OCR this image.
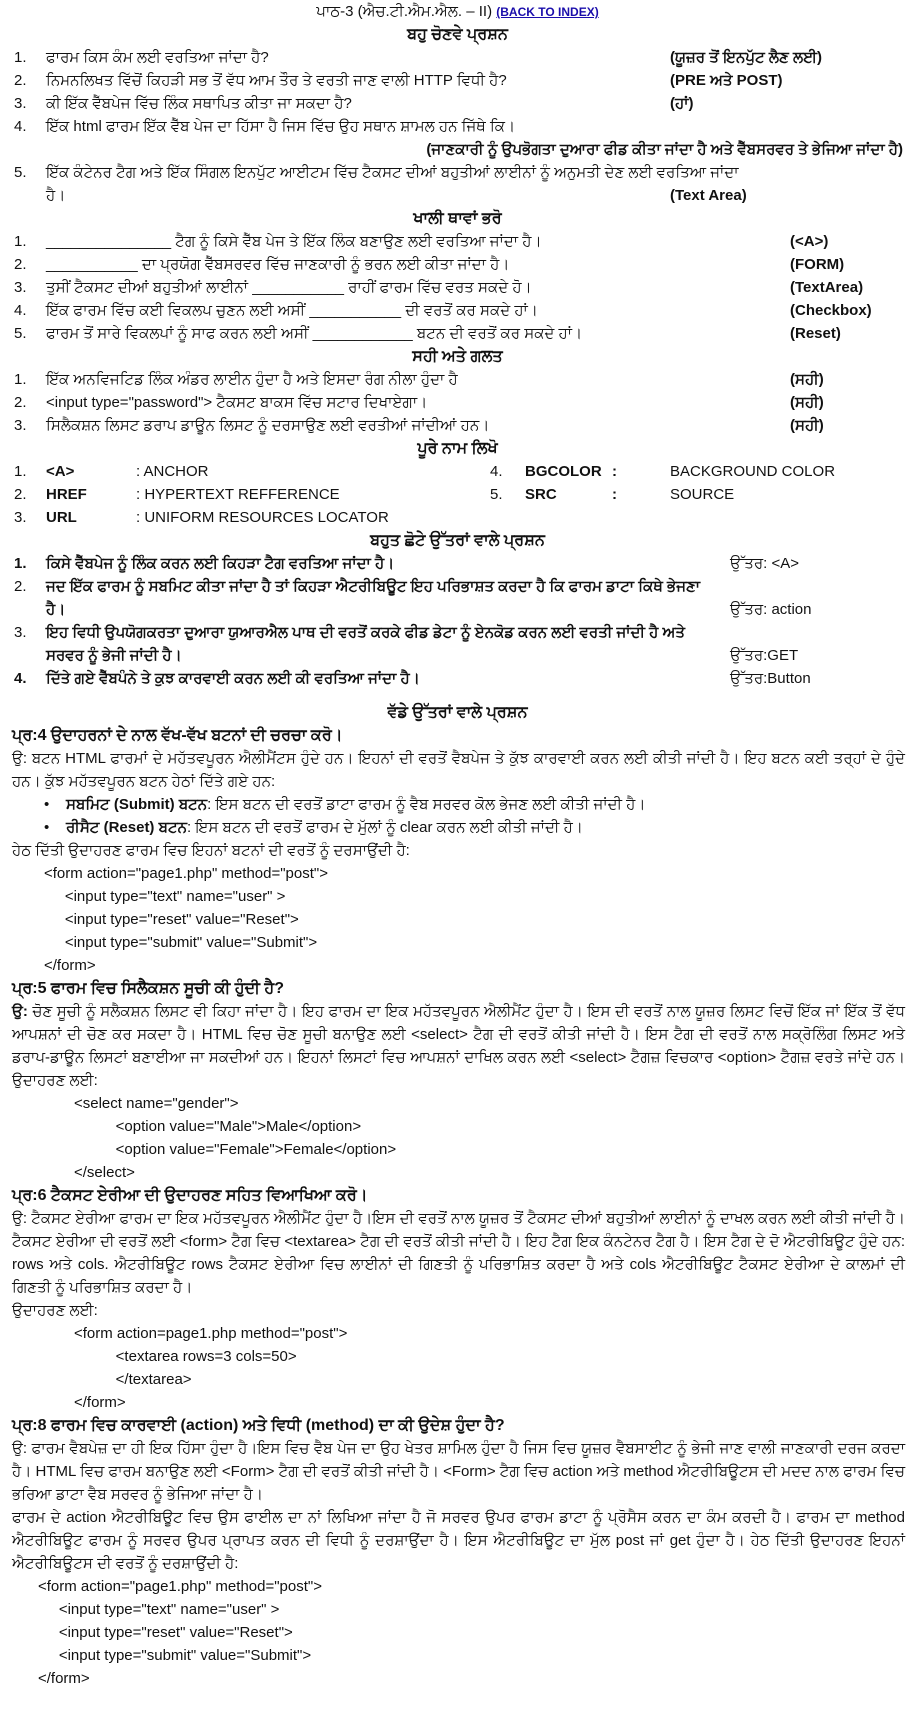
ਪਾਠ-3 (ਐਚ.ਟੀ.ਐਮ.ਐਲ. – II) (BACK TO INDEX)
ਬਹੁ ਚੋਣਵੇ ਪ੍ਰਸ਼ਨ
1. ਫਾਰਮ ਕਿਸ ਕੰਮ ਲਈ ਵਰਤਿਆ ਜਾਂਦਾ ਹੈ?	(ਯੂਜ਼ਰ ਤੋਂ ਇਨਪੁੱਟ ਲੈਣ ਲਈ)
2. ਨਿਮਨਲਿਖਤ ਵਿੱਚੋਂ ਕਿਹੜੀ ਸਭ ਤੋਂ ਵੱਧ ਆਮ ਤੌਰ ਤੇ ਵਰਤੀ ਜਾਣ ਵਾਲੀ HTTP ਵਿਧੀ ਹੈ?	(PRE ਅਤੇ POST)
3. ਕੀ ਇੱਕ ਵੈੱਬਪੇਜ ਵਿੱਚ ਲਿੰਕ ਸਥਾਪਿਤ ਕੀਤਾ ਜਾ ਸਕਦਾ ਹੈ?	(ਹਾਂ)
4. ਇੱਕ html ਫਾਰਮ ਇੱਕ ਵੈੱਬ ਪੇਜ ਦਾ ਹਿੱਸਾ ਹੈ ਜਿਸ ਵਿੱਚ ਉਹ ਸਥਾਨ ਸ਼ਾਮਲ ਹਨ ਜਿੱਥੇ ਕਿ।
(ਜਾਣਕਾਰੀ ਨੂੰ ਉਪਭੋਗਤਾ ਦੁਆਰਾ ਫੀਡ ਕੀਤਾ ਜਾਂਦਾ ਹੈ ਅਤੇ ਵੈੱਬਸਰਵਰ ਤੇ ਭੇਜਿਆ ਜਾਂਦਾ ਹੈ)
5. ਇੱਕ ਕੰਟੇਨਰ ਟੈਗ ਅਤੇ ਇੱਕ ਸਿੰਗਲ ਇਨਪੁੱਟ ਆਈਟਮ ਵਿੱਚ ਟੈਕਸਟ ਦੀਆਂ ਬਹੁਤੀਆਂ ਲਾਈਨਾਂ ਨੂੰ ਅਨੁਮਤੀ ਦੇਣ ਲਈ ਵਰਤਿਆ ਜਾਂਦਾ
ਹੈ।	(Text Area)
ਖਾਲੀ ਥਾਵਾਂ ਭਰੋ
1. _______________ ਟੈਗ ਨੂੰ ਕਿਸੇ ਵੈੱਬ ਪੇਜ ਤੇ ਇੱਕ ਲਿੰਕ ਬਣਾਉਣ ਲਈ ਵਰਤਿਆ ਜਾਂਦਾ ਹੈ।	(<A>)
2. ___________ ਦਾ ਪ੍ਰਯੋਗ ਵੈੱਬਸਰਵਰ ਵਿੱਚ ਜਾਣਕਾਰੀ ਨੂੰ ਭਰਨ ਲਈ ਕੀਤਾ ਜਾਂਦਾ ਹੈ।	(FORM)
3. ਤੁਸੀਂ ਟੈਕਸਟ ਦੀਆਂ ਬਹੁਤੀਆਂ ਲਾਈਨਾਂ ___________ ਰਾਹੀਂ ਫਾਰਮ ਵਿੱਚ ਵਰਤ ਸਕਦੇ ਹੋ।	(TextArea)
4. ਇੱਕ ਫਾਰਮ ਵਿੱਚ ਕਈ ਵਿਕਲਪ ਚੁਣਨ ਲਈ ਅਸੀਂ ___________ ਦੀ ਵਰਤੋਂ ਕਰ ਸਕਦੇ ਹਾਂ।	(Checkbox)
5. ਫਾਰਮ ਤੋਂ ਸਾਰੇ ਵਿਕਲਪਾਂ ਨੂੰ ਸਾਫ ਕਰਨ ਲਈ ਅਸੀਂ ____________ ਬਟਨ ਦੀ ਵਰਤੋਂ ਕਰ ਸਕਦੇ ਹਾਂ।	(Reset)
ਸਹੀ ਅਤੇ ਗਲਤ
1. ਇੱਕ ਅਨਵਿਜਟਿਡ ਲਿੰਕ ਅੰਡਰ ਲਾਈਨ ਹੁੰਦਾ ਹੈ ਅਤੇ ਇਸਦਾ ਰੰਗ ਨੀਲਾ ਹੁੰਦਾ ਹੈ	(ਸਹੀ)
2. <input type="password"> ਟੈਕਸਟ ਬਾਕਸ ਵਿੱਚ ਸਟਾਰ ਦਿਖਾਏਗਾ।	(ਸਹੀ)
3. ਸਿਲੈਕਸ਼ਨ ਲਿਸਟ ਡਰਾਪ ਡਾਊਨ ਲਿਸਟ ਨੂੰ ਦਰਸਾਉਣ ਲਈ ਵਰਤੀਆਂ ਜਾਂਦੀਆਂ ਹਨ।	(ਸਹੀ)
ਪੂਰੇ ਨਾਮ ਲਿਖੋ
1. <A>	: ANCHOR	4. BGCOLOR :	BACKGROUND COLOR
2. HREF	: HYPERTEXT REFFERENCE	5. SRC	:	SOURCE
3. URL	: UNIFORM RESOURCES LOCATOR
ਬਹੁਤ ਛੋਟੇ ਉੱਤਰਾਂ ਵਾਲੇ ਪ੍ਰਸ਼ਨ
1. ਕਿਸੇ ਵੈੱਬਪੇਜ ਨੂੰ ਲਿੰਕ ਕਰਨ ਲਈ ਕਿਹੜਾ ਟੈਗ ਵਰਤਿਆ ਜਾਂਦਾ ਹੈ।	ਉੱਤਰ: <A>
2. ਜਦ ਇੱਕ ਫਾਰਮ ਨੂੰ ਸਬਮਿਟ ਕੀਤਾ ਜਾਂਦਾ ਹੈ ਤਾਂ ਕਿਹੜਾ ਐਟਰੀਬਿਊਟ ਇਹ ਪਰਿਭਾਸ਼ਤ ਕਰਦਾ ਹੈ ਕਿ ਫਾਰਮ ਡਾਟਾ ਕਿਥੇ ਭੇਜਣਾ
ਹੈ।	ਉੱਤਰ: action
3. ਇਹ ਵਿਧੀ ਉਪਯੋਗਕਰਤਾ ਦੁਆਰਾ ਯੁਆਰਐਲ ਪਾਥ ਦੀ ਵਰਤੋਂ ਕਰਕੇ ਫੀਡ ਡੇਟਾ ਨੂੰ ਏਨਕੋਡ ਕਰਨ ਲਈ ਵਰਤੀ ਜਾਂਦੀ ਹੈ ਅਤੇ
ਸਰਵਰ ਨੂੰ ਭੇਜੀ ਜਾਂਦੀ ਹੈ।	ਉੱਤਰ:GET
4. ਦਿੱਤੇ ਗਏ ਵੈੱਬਪੰਨੇ ਤੇ ਕੁਝ ਕਾਰਵਾਈ ਕਰਨ ਲਈ ਕੀ ਵਰਤਿਆ ਜਾਂਦਾ ਹੈ।	ਉੱਤਰ:Button
ਵੱਡੇ ਉੱਤਰਾਂ ਵਾਲੇ ਪ੍ਰਸ਼ਨ
ਪ੍ਰ:4 ਉਦਾਹਰਨਾਂ ਦੇ ਨਾਲ ਵੱਖ-ਵੱਖ ਬਟਨਾਂ ਦੀ ਚਰਚਾ ਕਰੋ।
ਉ: ਬਟਨ HTML ਫਾਰਮਾਂ ਦੇ ਮਹੱਤਵਪੂਰਨ ਐਲੀਮੈਂਟਸ ਹੁੰਦੇ ਹਨ। ਇਹਨਾਂ ਦੀ ਵਰਤੋਂ ਵੈਬਪੇਜ ਤੇ ਕੁੱਝ ਕਾਰਵਾਈ ਕਰਨ ਲਈ ਕੀਤੀ ਜਾਂਦੀ ਹੈ। ਇਹ ਬਟਨ ਕਈ ਤਰ੍ਹਾਂ ਦੇ ਹੁੰਦੇ ਹਨ। ਕੁੱਝ ਮਹੱਤਵਪੂਰਨ ਬਟਨ ਹੇਠਾਂ ਦਿੱਤੇ ਗਏ ਹਨ:
• ਸਬਮਿਟ (Submit) ਬਟਨ: ਇਸ ਬਟਨ ਦੀ ਵਰਤੋਂ ਡਾਟਾ ਫਾਰਮ ਨੂੰ ਵੈਬ ਸਰਵਰ ਕੋਲ ਭੇਜਣ ਲਈ ਕੀਤੀ ਜਾਂਦੀ ਹੈ।
• ਰੀਸੈਟ (Reset) ਬਟਨ: ਇਸ ਬਟਨ ਦੀ ਵਰਤੋਂ ਫਾਰਮ ਦੇ ਮੁੱਲਾਂ ਨੂੰ clear ਕਰਨ ਲਈ ਕੀਤੀ ਜਾਂਦੀ ਹੈ।
ਹੇਠ ਦਿੱਤੀ ਉਦਾਹਰਣ ਫਾਰਮ ਵਿਚ ਇਹਨਾਂ ਬਟਨਾਂ ਦੀ ਵਰਤੋਂ ਨੂੰ ਦਰਸਾਉਂਦੀ ਹੈ:
<form action="page1.php" method="post">
<input type="text" name="user" >
<input type="reset" value="Reset">
<input type="submit" value="Submit">
</form>
ਪ੍ਰ:5 ਫਾਰਮ ਵਿਚ ਸਿਲੈਕਸ਼ਨ ਸੂਚੀ ਕੀ ਹੁੰਦੀ ਹੈ?
ਉ: ਚੋਣ ਸੂਚੀ ਨੂੰ ਸਲੈਕਸ਼ਨ ਲਿਸਟ ਵੀ ਕਿਹਾ ਜਾਂਦਾ ਹੈ। ਇਹ ਫਾਰਮ ਦਾ ਇਕ ਮਹੱਤਵਪੂਰਨ ਐਲੀਮੈਂਟ ਹੁੰਦਾ ਹੈ। ਇਸ ਦੀ ਵਰਤੋਂ ਨਾਲ ਯੂਜ਼ਰ ਲਿਸਟ ਵਿਚੋਂ ਇੱਕ ਜਾਂ ਇੱਕ ਤੋਂ ਵੱਧ ਆਪਸ਼ਨਾਂ ਦੀ ਚੋਣ ਕਰ ਸਕਦਾ ਹੈ। HTML ਵਿਚ ਚੋਣ ਸੂਚੀ ਬਨਾਉਣ ਲਈ <select> ਟੈਗ ਦੀ ਵਰਤੋਂ ਕੀਤੀ ਜਾਂਦੀ ਹੈ। ਇਸ ਟੈਗ ਦੀ ਵਰਤੋਂ ਨਾਲ ਸਕ੍ਰੋਲਿੰਗ ਲਿਸਟ ਅਤੇ ਡਰਾਪ-ਡਾਊਨ ਲਿਸਟਾਂ ਬਣਾਈਆ ਜਾ ਸਕਦੀਆਂ ਹਨ। ਇਹਨਾਂ ਲਿਸਟਾਂ ਵਿਚ ਆਪਸ਼ਨਾਂ ਦਾਖਿਲ ਕਰਨ ਲਈ <select> ਟੈਗਜ਼ ਵਿਚਕਾਰ <option> ਟੈਗਜ਼ ਵਰਤੇ ਜਾਂਦੇ ਹਨ। ਉਦਾਹਰਣ ਲਈ:
<select name="gender">
<option value="Male">Male</option>
<option value="Female">Female</option>
</select>
ਪ੍ਰ:6 ਟੈਕਸਟ ਏਰੀਆ ਦੀ ਉਦਾਹਰਣ ਸਹਿਤ ਵਿਆਖਿਆ ਕਰੋ।
ਉ: ਟੈਕਸਟ ਏਰੀਆ ਫਾਰਮ ਦਾ ਇਕ ਮਹੱਤਵਪੂਰਨ ਐਲੀਮੈਂਟ ਹੁੰਦਾ ਹੈ।ਇਸ ਦੀ ਵਰਤੋਂ ਨਾਲ ਯੂਜ਼ਰ ਤੋਂ ਟੈਕਸਟ ਦੀਆਂ ਬਹੁਤੀਆਂ ਲਾਈਨਾਂ ਨੂੰ ਦਾਖਲ ਕਰਨ ਲਈ ਕੀਤੀ ਜਾਂਦੀ ਹੈ। ਟੈਕਸਟ ਏਰੀਆ ਦੀ ਵਰਤੋਂ ਲਈ <form> ਟੈਗ ਵਿਚ <textarea> ਟੈਗ ਦੀ ਵਰਤੋਂ ਕੀਤੀ ਜਾਂਦੀ ਹੈ। ਇਹ ਟੈਗ ਇਕ ਕੰਨਟੇਨਰ ਟੈਗ ਹੈ। ਇਸ ਟੈਗ ਦੇ ਦੋ ਐਟਰੀਬਿਊਟ ਹੁੰਦੇ ਹਨ: rows ਅਤੇ cols. ਐਟਰੀਬਿਊਟ rows ਟੈਕਸਟ ਏਰੀਆ ਵਿਚ ਲਾਈਨਾਂ ਦੀ ਗਿਣਤੀ ਨੂੰ ਪਰਿਭਾਸ਼ਿਤ ਕਰਦਾ ਹੈ ਅਤੇ cols ਐਟਰੀਬਿਊਟ ਟੈਕਸਟ ਏਰੀਆ ਦੇ ਕਾਲਮਾਂ ਦੀ ਗਿਣਤੀ ਨੂੰ ਪਰਿਭਾਸ਼ਿਤ ਕਰਦਾ ਹੈ।
ਉਦਾਹਰਣ ਲਈ:
<form action=page1.php method="post">
<textarea rows=3 cols=50>
</textarea>
</form>
ਪ੍ਰ:8 ਫਾਰਮ ਵਿਚ ਕਾਰਵਾਈ (action) ਅਤੇ ਵਿਧੀ (method) ਦਾ ਕੀ ਉਦੇਸ਼ ਹੁੰਦਾ ਹੈ?
ਉ: ਫਾਰਮ ਵੈਬਪੇਜ਼ ਦਾ ਹੀ ਇਕ ਹਿੱਸਾ ਹੁੰਦਾ ਹੈ।ਇਸ ਵਿਚ ਵੈਬ ਪੇਜ ਦਾ ਉਹ ਖੇਤਰ ਸ਼ਾਮਿਲ ਹੁੰਦਾ ਹੈ ਜਿਸ ਵਿਚ ਯੂਜ਼ਰ ਵੈਬਸਾਈਟ ਨੂੰ ਭੇਜੀ ਜਾਣ ਵਾਲੀ ਜਾਣਕਾਰੀ ਦਰਜ ਕਰਦਾ ਹੈ। HTML ਵਿਚ ਫਾਰਮ ਬਨਾਉਣ ਲਈ <Form> ਟੈਗ ਦੀ ਵਰਤੋਂ ਕੀਤੀ ਜਾਂਦੀ ਹੈ। <Form> ਟੈਗ ਵਿਚ action ਅਤੇ method ਐਟਰੀਬਿਊਟਸ ਦੀ ਮਦਦ ਨਾਲ ਫਾਰਮ ਵਿਚ ਭਰਿਆ ਡਾਟਾ ਵੈਬ ਸਰਵਰ ਨੂੰ ਭੇਜਿਆ ਜਾਂਦਾ ਹੈ।
ਫਾਰਮ ਦੇ action ਐਟਰੀਬਿਊਟ ਵਿਚ ਉਸ ਫਾਈਲ ਦਾ ਨਾਂ ਲਿਖਿਆ ਜਾਂਦਾ ਹੈ ਜੋ ਸਰਵਰ ਉਪਰ ਫਾਰਮ ਡਾਟਾ ਨੂੰ ਪ੍ਰੋਸੈਸ ਕਰਨ ਦਾ ਕੰਮ ਕਰਦੀ ਹੈ। ਫਾਰਮ ਦਾ method ਐਟਰੀਬਿਊਟ ਫਾਰਮ ਨੂੰ ਸਰਵਰ ਉਪਰ ਪ੍ਰਾਪਤ ਕਰਨ ਦੀ ਵਿਧੀ ਨੂੰ ਦਰਸ਼ਾਉਂਦਾ ਹੈ। ਇਸ ਐਟਰੀਬਿਊਟ ਦਾ ਮੁੱਲ post ਜਾਂ get ਹੁੰਦਾ ਹੈ। ਹੇਠ ਦਿੱਤੀ ਉਦਾਹਰਣ ਇਹਨਾਂ ਐਟਰੀਬਿਊਟਸ ਦੀ ਵਰਤੋਂ ਨੂੰ ਦਰਸ਼ਾਉਂਦੀ ਹੈ:
<form action="page1.php" method="post">
<input type="text" name="user" >
<input type="reset" value="Reset">
<input type="submit" value="Submit">
</form>
